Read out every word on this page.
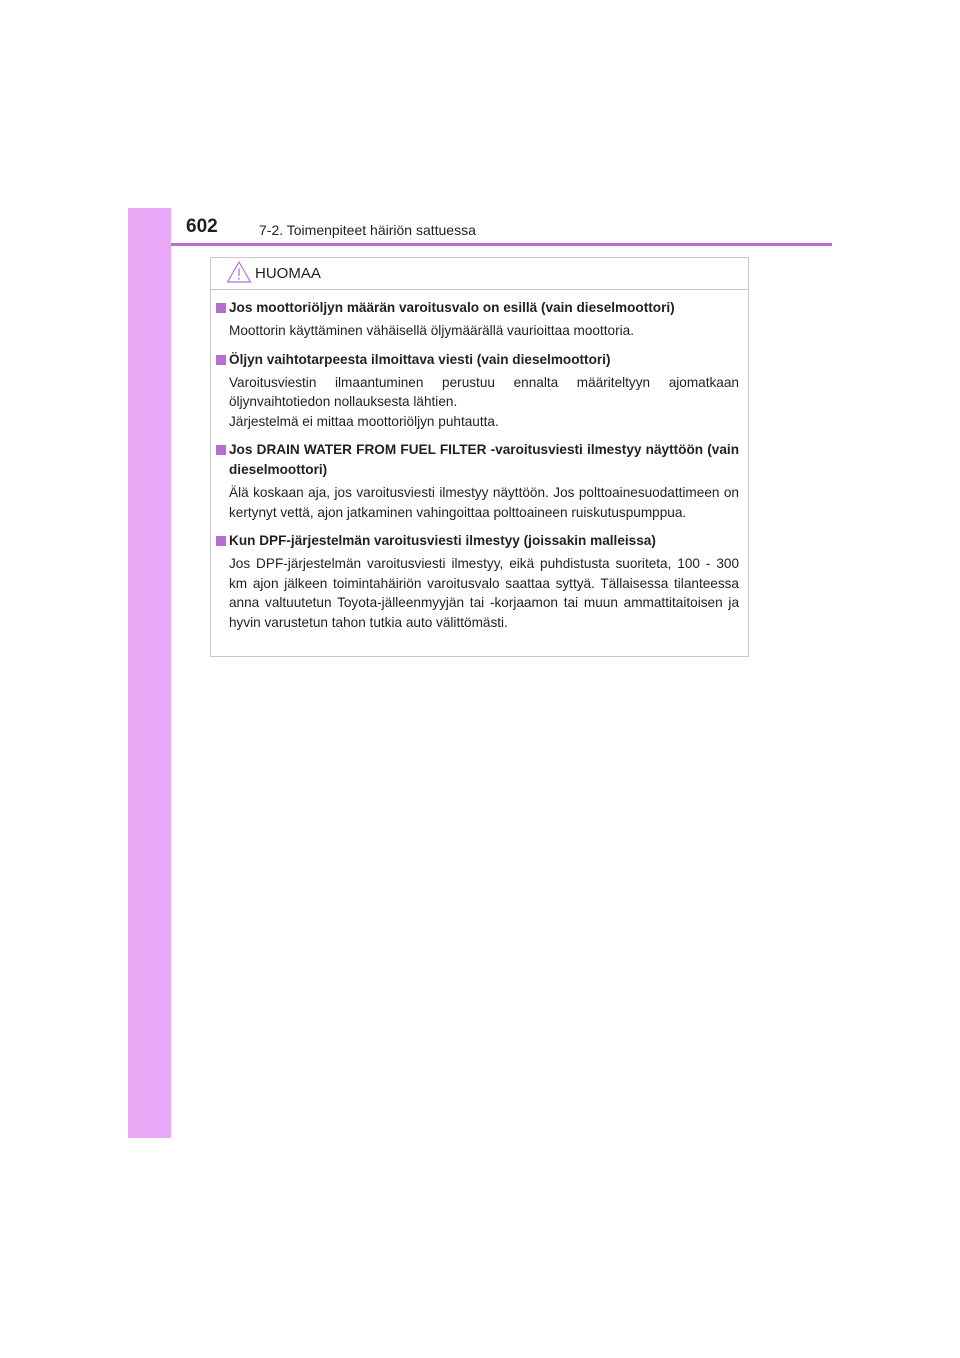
602	7-2. Toimenpiteet häiriön sattuessa
HUOMAA
Jos moottoriöljyn määrän varoitusvalo on esillä (vain dieselmoottori)
Moottorin käyttäminen vähäisellä öljymäärällä vaurioittaa moottoria.
Öljyn vaihtotarpeesta ilmoittava viesti (vain dieselmoottori)
Varoitusviestin ilmaantuminen perustuu ennalta määriteltyyn ajomatkaan öljynvaihtotiedon nollauksesta lähtien.
Järjestelmä ei mittaa moottoriöljyn puhtautta.
Jos DRAIN WATER FROM FUEL FILTER -varoitusviesti ilmestyy näyttöön (vain dieselmoottori)
Älä koskaan aja, jos varoitusviesti ilmestyy näyttöön. Jos polttoainesuodattimeen on kertynyt vettä, ajon jatkaminen vahingoittaa polttoaineen ruiskutuspumppua.
Kun DPF-järjestelmän varoitusviesti ilmestyy (joissakin malleissa)
Jos DPF-järjestelmän varoitusviesti ilmestyy, eikä puhdistusta suoriteta, 100 - 300 km ajon jälkeen toimintahäiriön varoitusvalo saattaa syttyä. Tällaisessa tilanteessa anna valtuutetun Toyota-jälleenmyyjän tai -korjaamon tai muun ammattitaitoisen ja hyvin varustetun tahon tutkia auto välittömästi.
